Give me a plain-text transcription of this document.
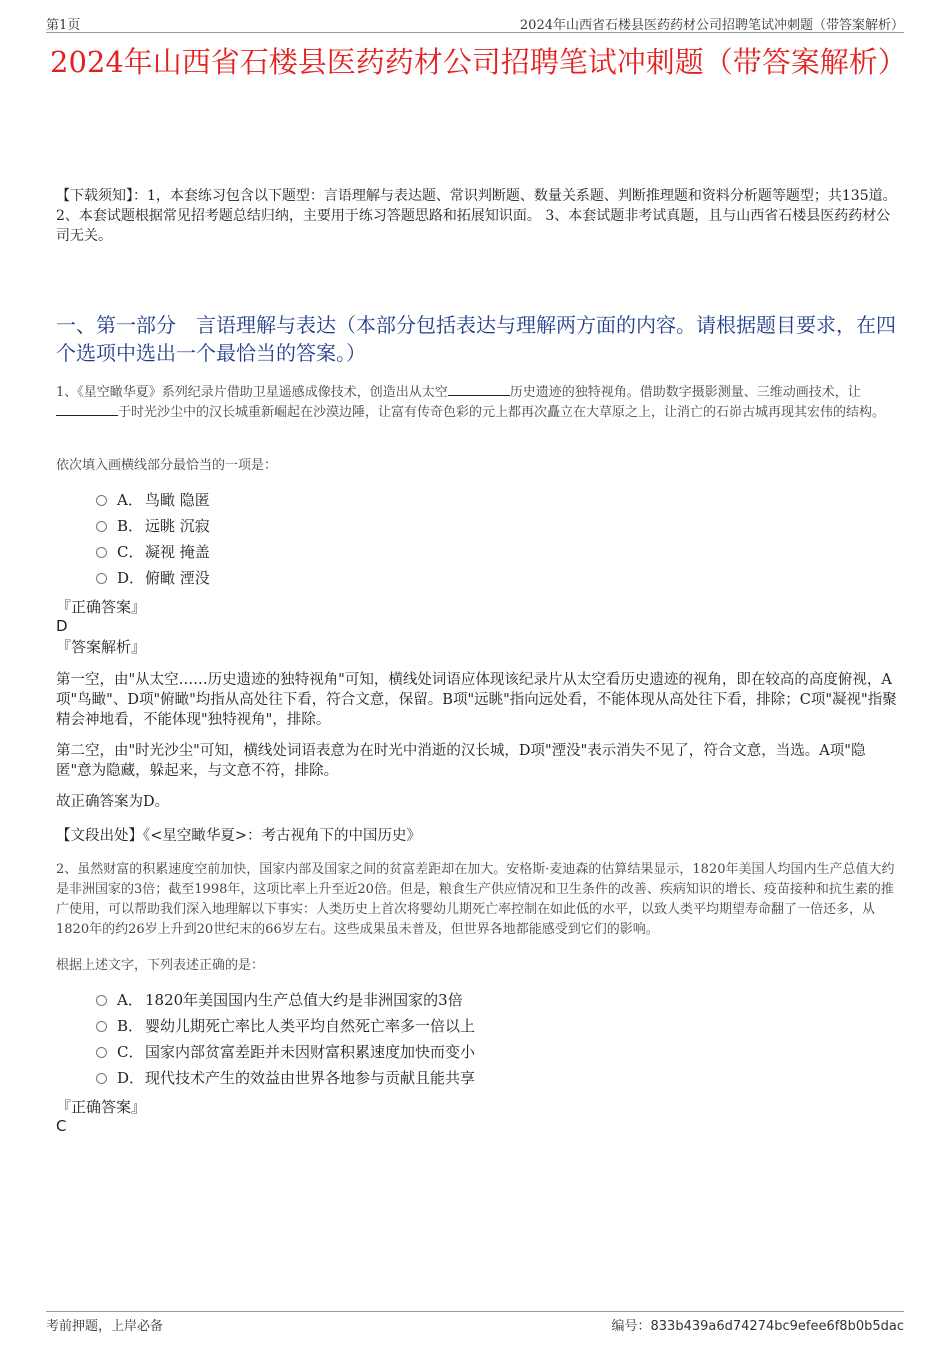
第1页	2024年山西省石楼县医药药材公司招聘笔试冲刺题（带答案解析）
2024年山西省石楼县医药药材公司招聘笔试冲刺题（带答案解析）
【下载须知】：1，本套练习包含以下题型：言语理解与表达题、常识判断题、数量关系题、判断推理题和资料分析题等题型；共135道。 2、本套试题根据常见招考题总结归纳，主要用于练习答题思路和拓展知识面。 3、本套试题非考试真题，且与山西省石楼县医药药材公司无关。
一、第一部分　言语理解与表达（本部分包括表达与理解两方面的内容。请根据题目要求，在四个选项中选出一个最恰当的答案。）
1、《星空瞰华夏》系列纪录片借助卫星遥感成像技术，创造出从太空	历史遗迹的独特视角。借助数字摄影测量、三维动画技术，让于时光沙尘中的汉长城重新崛起在沙漠边陲，让富有传奇色彩的元上都再次矗立在大草原之上，让消亡的石峁古城再现其宏伟的结构。
依次填入画横线部分最恰当的一项是：
A． 鸟瞰 隐匿
B． 远眺 沉寂
C． 凝视 掩盖
D．俯瞰 湮没
『正确答案』
D
『答案解析』
第一空，由"从太空……历史遗迹的独特视角"可知，横线处词语应体现该纪录片从太空看历史遗迹的视角，即在较高的高度俯视，A项"鸟瞰"、D项"俯瞰"均指从高处往下看，符合文意，保留。B项"远眺"指向远处看，不能体现从高处往下看，排除；C项"凝视"指聚精会神地看，不能体现"独特视角"，排除。
第二空，由"时光沙尘"可知，横线处词语表意为在时光中消逝的汉长城，D项"湮没"表示消失不见了，符合文意，当选。A项"隐匿"意为隐藏，躲起来，与文意不符，排除。
故正确答案为D。
【文段出处】《<星空瞰华夏>：考古视角下的中国历史》
2、虽然财富的积累速度空前加快，国家内部及国家之间的贫富差距却在加大。安格斯·麦迪森的估算结果显示，1820年美国人均国内生产总值大约是非洲国家的3倍；截至1998年，这项比率上升至近20倍。但是，粮食生产供应情况和卫生条件的改善、疾病知识的增长、疫苗接种和抗生素的推广使用，可以帮助我们深入地理解以下事实：人类历史上首次将婴幼儿期死亡率控制在如此低的水平，以致人类平均期望寿命翻了一倍还多，从1820年的约26岁上升到20世纪末的66岁左右。这些成果虽未普及，但世界各地都能感受到它们的影响。
根据上述文字，下列表述正确的是：
A． 1820年美国国内生产总值大约是非洲国家的3倍
B． 婴幼儿期死亡率比人类平均自然死亡率多一倍以上
C． 国家内部贫富差距并未因财富积累速度加快而变小
D．现代技术产生的效益由世界各地参与贡献且能共享
『正确答案』
C
考前押题，上岸必备	编号：833b439a6d74274bc9efee6f8b0b5dac
